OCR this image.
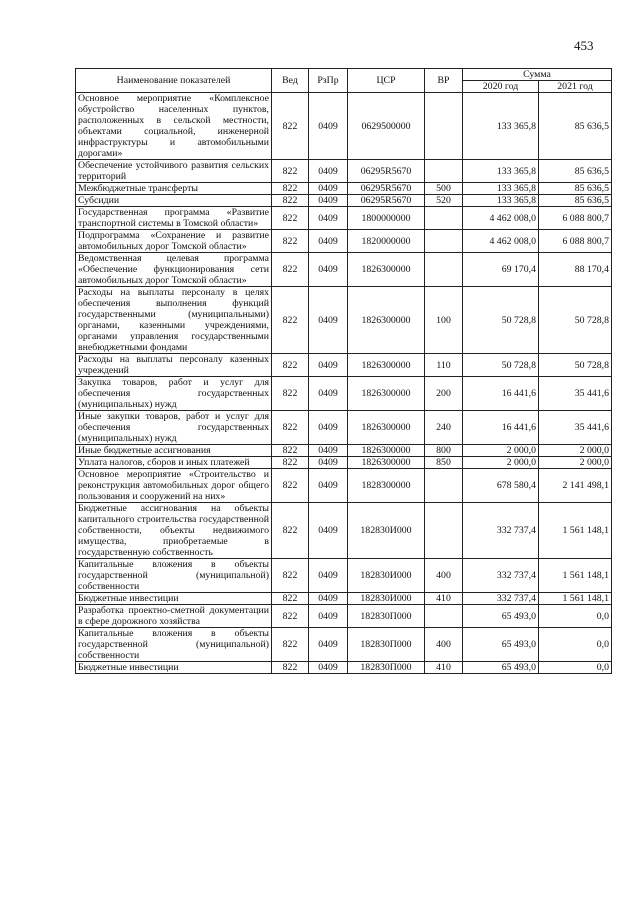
453
Наименование показателей	Вед	РзПр	ЦСР	ВР	Сумма	
					2020 год	2021 год
Основное мероприятие «Комплексное обустройство населенных пунктов, расположенных в сельской местности, объектами социальной, инженерной инфраструктуры и автомобильными дорогами»	822	0409	0629500000		133 365,8	85 636,5
Обеспечение устойчивого развития сельских территорий	822	0409	06295R5670		133 365,8	85 636,5
Межбюджетные трансферты	822	0409	06295R5670	500	133 365,8	85 636,5
Субсидии	822	0409	06295R5670	520	133 365,8	85 636,5
Государственная программа «Развитие транспортной системы в Томской области»	822	0409	1800000000		4 462 008,0	6 088 800,7
Подпрограмма «Сохранение и развитие автомобильных дорог Томской области»	822	0409	1820000000		4 462 008,0	6 088 800,7
Ведомственная целевая программа «Обеспечение функционирования сети автомобильных дорог Томской области»	822	0409	1826300000		69 170,4	88 170,4
Расходы на выплаты персоналу в целях обеспечения выполнения функций государственными (муниципальными) органами, казенными учреждениями, органами управления государственными внебюджетными фондами	822	0409	1826300000	100	50 728,8	50 728,8
Расходы на выплаты персоналу казенных учреждений	822	0409	1826300000	110	50 728,8	50 728,8
Закупка товаров, работ и услуг для обеспечения государственных (муниципальных) нужд	822	0409	1826300000	200	16 441,6	35 441,6
Иные закупки товаров, работ и услуг для обеспечения государственных (муниципальных) нужд	822	0409	1826300000	240	16 441,6	35 441,6
Иные бюджетные ассигнования	822	0409	1826300000	800	2 000,0	2 000,0
Уплата налогов, сборов и иных платежей	822	0409	1826300000	850	2 000,0	2 000,0
Основное мероприятие «Строительство и реконструкция автомобильных дорог общего пользования и сооружений на них»	822	0409	1828300000		678 580,4	2 141 498,1
Бюджетные ассигнования на объекты капитального строительства государственной собственности, объекты недвижимого имущества, приобретаемые в государственную собственность	822	0409	182830И000		332 737,4	1 561 148,1
Капитальные вложения в объекты государственной (муниципальной) собственности	822	0409	182830И000	400	332 737,4	1 561 148,1
Бюджетные инвестиции	822	0409	182830И000	410	332 737,4	1 561 148,1
Разработка проектно-сметной документации в сфере дорожного хозяйства	822	0409	182830П000		65 493,0	0,0
Капитальные вложения в объекты государственной (муниципальной) собственности	822	0409	182830П000	400	65 493,0	0,0
Бюджетные инвестиции	822	0409	182830П000	410	65 493,0	0,0
